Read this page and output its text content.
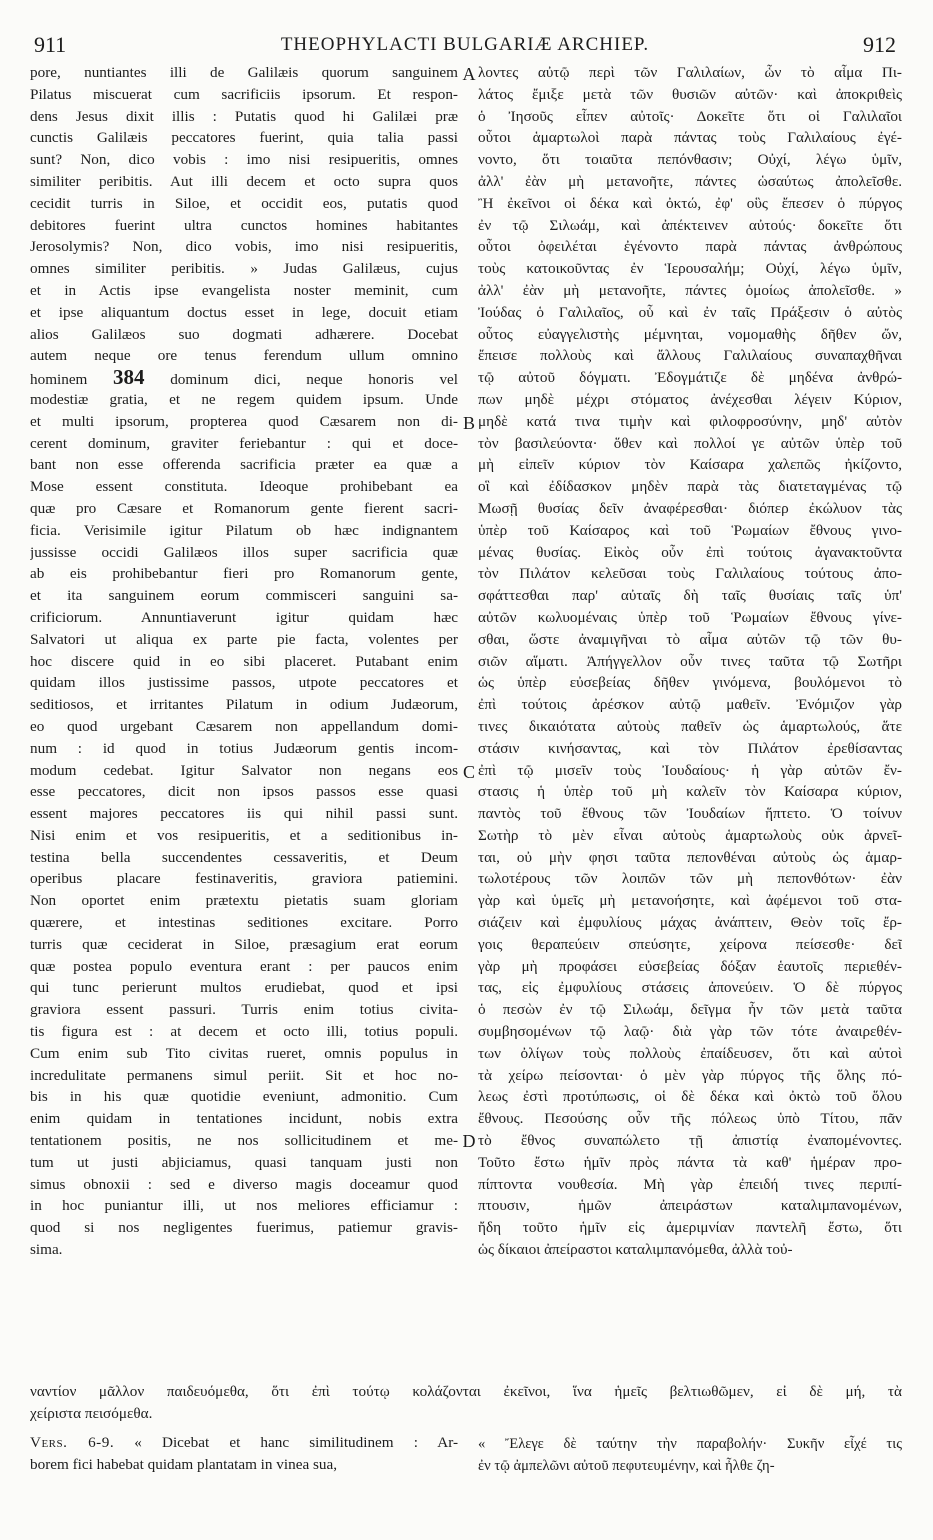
911	THEOPHYLACTI BULGARIÆ ARCHIEP.	912
pore, nuntiantes illi de Galilæis quorum sanguinem
Pilatus miscuerat cum sacrificiis ipsorum. Et respon-
dens Jesus dixit illis : Putatis quod hi Galilæi præ
cunctis Galilæis peccatores fuerint, quia talia passi
sunt? Non, dico vobis : imo nisi resipueritis, omnes
similiter peribitis. Aut illi decem et octo supra quos
cecidit turris in Siloe, et occidit eos, putatis quod
debitores fuerint ultra cunctos homines habitantes
Jerosolymis? Non, dico vobis, imo nisi resipueritis,
omnes similiter peribitis. » Judas Galilæus, cujus
et in Actis ipse evangelista noster meminit, cum
et ipse aliquantum doctus esset in lege, docuit etiam
alios Galilæos suo dogmati adhærere. Docebat
autem neque ore tenus ferendum ullum omnino
hominem 384 dominum dici, neque honoris vel
modestiæ gratia, et ne regem quidem ipsum. Unde
et multi ipsorum, propterea quod Cæsarem non di-
cerent dominum, graviter feriebantur : qui et doce-
bant non esse offerenda sacrificia præter ea quæ a
Mose essent constituta. Ideoque prohibebant ea
quæ pro Cæsare et Romanorum gente fierent sacri-
ficia. Verisimile igitur Pilatum ob hæc indignantem
jussisse occidi Galilæos illos super sacrificia quæ
ab eis prohibebantur fieri pro Romanorum gente,
et ita sanguinem eorum commisceri sanguini sa-
crificiorum. Annuntiaverunt igitur quidam hæc
Salvatori ut aliqua ex parte pie facta, volentes per
hoc discere quid in eo sibi placeret. Putabant enim
quidam illos justissime passos, utpote peccatores et
seditiosos, et irritantes Pilatum in odium Judæorum,
eo quod urgebant Cæsarem non appellandum domi-
num : id quod in totius Judæorum gentis incom-
modum cedebat. Igitur Salvator non negans eos
esse peccatores, dicit non ipsos passos esse quasi
essent majores peccatores iis qui nihil passi sunt.
Nisi enim et vos resipueritis, et a seditionibus in-
testina bella succendentes cessaveritis, et Deum
operibus placare festinaveritis, graviora patiemini.
Non oportet enim prætextu pietatis suam gloriam
quærere, et intestinas seditiones excitare. Porro
turris quæ ceciderat in Siloe, præsagium erat eorum
quæ postea populo eventura erant : per paucos enim
qui tunc perierunt multos erudiebat, quod et ipsi
graviora essent passuri. Turris enim totius civita-
tis figura est : at decem et octo illi, totius populi.
Cum enim sub Tito civitas rueret, omnis populus in
incredulitate permanens simul periit. Sit et hoc no-
bis in his quæ quotidie eveniunt, admonitio. Cum
enim quidam in tentationes incidunt, nobis extra
tentationem positis, ne nos sollicitudinem et me-
tum ut justi abjiciamus, quasi tanquam justi non
simus obnoxii : sed e diverso magis doceamur quod
in hoc puniantur illi, ut nos meliores efficiamur :
quod si nos negligentes fuerimus, patiemur gravis-
sima.
λοντες αὐτῷ περὶ τῶν Γαλιλαίων, ὧν τὸ αἷμα Πι-
λάτος ἔμιξε μετὰ τῶν θυσιῶν αὐτῶν· καὶ ἀποκριθεὶς
ὁ Ἰησοῦς εἶπεν αὐτοῖς· Δοκεῖτε ὅτι οἱ Γαλιλαῖοι
οὗτοι ἁμαρτωλοὶ παρὰ πάντας τοὺς Γαλιλαίους ἐγέ-
νοντο, ὅτι τοιαῦτα πεπόνθασιν; Οὐχί, λέγω ὑμῖν,
ἀλλ' ἐὰν μὴ μετανοῆτε, πάντες ὡσαύτως ἀπολεῖσθε.
Ἢ ἐκεῖνοι οἱ δέκα καὶ ὀκτώ, ἐφ' οὓς ἔπεσεν ὁ πύργος
ἐν τῷ Σιλωάμ, καὶ ἀπέκτεινεν αὐτούς· δοκεῖτε ὅτι
οὗτοι ὀφειλέται ἐγένοντο παρὰ πάντας ἀνθρώπους
τοὺς κατοικοῦντας ἐν Ἱερουσαλήμ; Οὐχί, λέγω ὑμῖν,
ἀλλ' ἐὰν μὴ μετανοῆτε, πάντες ὁμοίως ἀπολεῖσθε. »
Ἰούδας ὁ Γαλιλαῖος, οὗ καὶ ἐν ταῖς Πράξεσιν ὁ αὐτὸς
οὗτος εὐαγγελιστὴς μέμνηται, νομομαθὴς δῆθεν ὤν,
ἔπεισε πολλοὺς καὶ ἄλλους Γαλιλαίους συναπαχθῆναι
τῷ αὐτοῦ δόγματι. Ἐδογμάτιζε δὲ μηδένα ἀνθρώ-
πων μηδὲ μέχρι στόματος ἀνέχεσθαι λέγειν Κύριον,
μηδὲ κατά τινα τιμὴν καὶ φιλοφροσύνην, μηδ' αὐτὸν
τὸν βασιλεύοντα· ὅθεν καὶ πολλοί γε αὐτῶν ὑπὲρ τοῦ
μὴ εἰπεῖν κύριον τὸν Καίσαρα χαλεπῶς ἠκίζοντο,
οἳ καὶ ἐδίδασκον μηδὲν παρὰ τὰς διατεταγμένας τῷ
Μωσῇ θυσίας δεῖν ἀναφέρεσθαι· διόπερ ἐκώλυον τὰς
ὑπὲρ τοῦ Καίσαρος καὶ τοῦ Ῥωμαίων ἔθνους γινο-
μένας θυσίας. Εἰκὸς οὖν ἐπὶ τούτοις ἀγανακτοῦντα
τὸν Πιλάτον κελεῦσαι τοὺς Γαλιλαίους τούτους ἀπο-
σφάττεσθαι παρ' αὐταῖς δὴ ταῖς θυσίαις ταῖς ὑπ'
αὐτῶν κωλυομέναις ὑπὲρ τοῦ Ῥωμαίων ἔθνους γίνε-
σθαι, ὥστε ἀναμιγῆναι τὸ αἷμα αὐτῶν τῷ τῶν θυ-
σιῶν αἵματι. Ἀπήγγελλον οὖν τινες ταῦτα τῷ Σωτῆρι
ὡς ὑπὲρ εὐσεβείας δῆθεν γινόμενα, βουλόμενοι τὸ
ἐπὶ τούτοις ἀρέσκον αὐτῷ μαθεῖν. Ἐνόμιζον γὰρ
τινες δικαιότατα αὐτοὺς παθεῖν ὡς ἁμαρτωλούς, ἅτε
στάσιν κινήσαντας, καὶ τὸν Πιλάτον ἐρεθίσαντας
ἐπὶ τῷ μισεῖν τοὺς Ἰουδαίους· ἡ γὰρ αὐτῶν ἔν-
στασις ἡ ὑπὲρ τοῦ μὴ καλεῖν τὸν Καίσαρα κύριον,
παντὸς τοῦ ἔθνους τῶν Ἰουδαίων ἥπτετο. Ὁ τοίνυν
Σωτὴρ τὸ μὲν εἶναι αὐτοὺς ἁμαρτωλοὺς οὐκ ἀρνεῖ-
ται, οὐ μὴν φησι ταῦτα πεπονθέναι αὐτοὺς ὡς ἁμαρ-
τωλοτέρους τῶν λοιπῶν τῶν μὴ πεπονθότων· ἐὰν
γὰρ καὶ ὑμεῖς μὴ μετανοήσητε, καὶ ἀφέμενοι τοῦ στα-
σιάζειν καὶ ἐμφυλίους μάχας ἀνάπτειν, Θεὸν τοῖς ἔρ-
γοις θεραπεύειν σπεύσητε, χείρονα πείσεσθε· δεῖ
γὰρ μὴ προφάσει εὐσεβείας δόξαν ἑαυτοῖς περιεθέν-
τας, εἰς ἐμφυλίους στάσεις ἀπονεύειν. Ὁ δὲ πύργος
ὁ πεσὼν ἐν τῷ Σιλωάμ, δεῖγμα ἦν τῶν μετὰ ταῦτα
συμβησομένων τῷ λαῷ· διὰ γὰρ τῶν τότε ἀναιρεθέν-
των ὀλίγων τοὺς πολλοὺς ἐπαίδευσεν, ὅτι καὶ αὐτοὶ
τὰ χείρω πείσονται· ὁ μὲν γὰρ πύργος τῆς ὅλης πό-
λεως ἐστὶ προτύπωσις, οἱ δὲ δέκα καὶ ὀκτὼ τοῦ ὅλου
ἔθνους. Πεσούσης οὖν τῆς πόλεως ὑπὸ Τίτου, πᾶν
τὸ ἔθνος συναπώλετο τῇ ἀπιστίᾳ ἐναπομένοντες.
Τοῦτο ἔστω ἡμῖν πρὸς πάντα τὰ καθ' ἡμέραν προ-
πίπτοντα νουθεσία. Μὴ γὰρ ἐπειδή τινες περιπί-
πτουσιν, ἡμῶν ἀπειράστων καταλιμπανομένων,
ἤδη τοῦτο ἡμῖν εἰς ἀμεριμνίαν παντελῆ ἔστω, ὅτι
ὡς δίκαιοι ἀπείραστοι καταλιμπανόμεθα, ἀλλὰ τοὐ-
A
B
C
D
ναντίον μᾶλλον παιδευόμεθα, ὅτι ἐπὶ τούτῳ κολάζονται ἐκεῖνοι, ἵνα ἡμεῖς βελτιωθῶμεν, εἰ δὲ μή, τὰ
χείριστα πεισόμεθα.
Vers. 6-9. « Dicebat et hanc similitudinem : Ar-
borem fici habebat quidam plantatam in vinea sua,
« Ἔλεγε δὲ ταύτην τὴν παραβολήν· Συκῆν εἶχέ τις
ἐν τῷ ἀμπελῶνι αὐτοῦ πεφυτευμένην, καὶ ἦλθε ζη-
